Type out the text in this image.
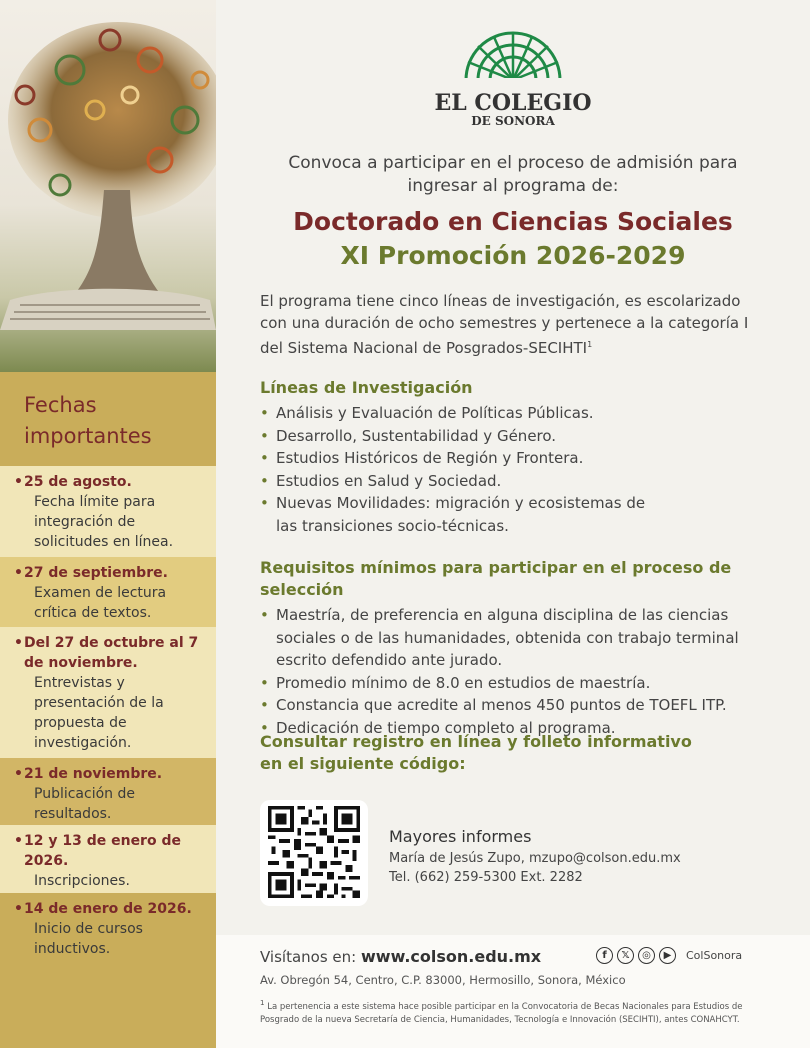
Fechas
importantes
• 25 de agosto.
Fecha límite para integración de solicitudes en línea.
• 27 de septiembre.
Examen de lectura crítica de textos.
• Del 27 de octubre al 7 de noviembre.
Entrevistas y presentación de la propuesta de investigación.
• 21 de noviembre.
Publicación de resultados.
• 12 y 13 de enero de 2026.
Inscripciones.
• 14 de enero de 2026.
Inicio de cursos inductivos.
EL COLEGIO
DE SONORA
Convoca a participar en el proceso de admisión para
ingresar al programa de:
Doctorado en Ciencias Sociales
XI Promoción 2026-2029
El programa tiene cinco líneas de investigación, es escolarizado con una duración de ocho semestres y pertenece a la categoría I del Sistema Nacional de Posgrados-SECIHTI$^1$
Líneas de Investigación
• Análisis y Evaluación de Políticas Públicas.
• Desarrollo, Sustentabilidad y Género.
• Estudios Históricos de Región y Frontera.
• Estudios en Salud y Sociedad.
• Nuevas Movilidades: migración y ecosistemas de las transiciones socio-técnicas.
Requisitos mínimos para participar en el proceso de selección
• Maestría, de preferencia en alguna disciplina de las ciencias sociales o de las humanidades, obtenida con trabajo terminal escrito defendido ante jurado.
• Promedio mínimo de 8.0 en estudios de maestría.
• Constancia que acredite al menos 450 puntos de TOEFL ITP.
• Dedicación de tiempo completo al programa.
Consultar registro en línea y folleto informativo
en el siguiente código:
Mayores informes
María de Jesús Zupo, mzupo@colson.edu.mx
Tel. (662) 259-5300 Ext. 2282
Visítanos en: www.colson.edu.mx	f	𝕏	◎	▶	ColSonora
Av. Obregón 54, Centro, C.P. 83000, Hermosillo, Sonora, México
$^1$ La pertenencia a este sistema hace posible participar en la Convocatoria de Becas Nacionales para Estudios de Posgrado de la nueva Secretaría de Ciencia, Humanidades, Tecnología e Innovación (SECIHTI), antes CONAHCYT.
